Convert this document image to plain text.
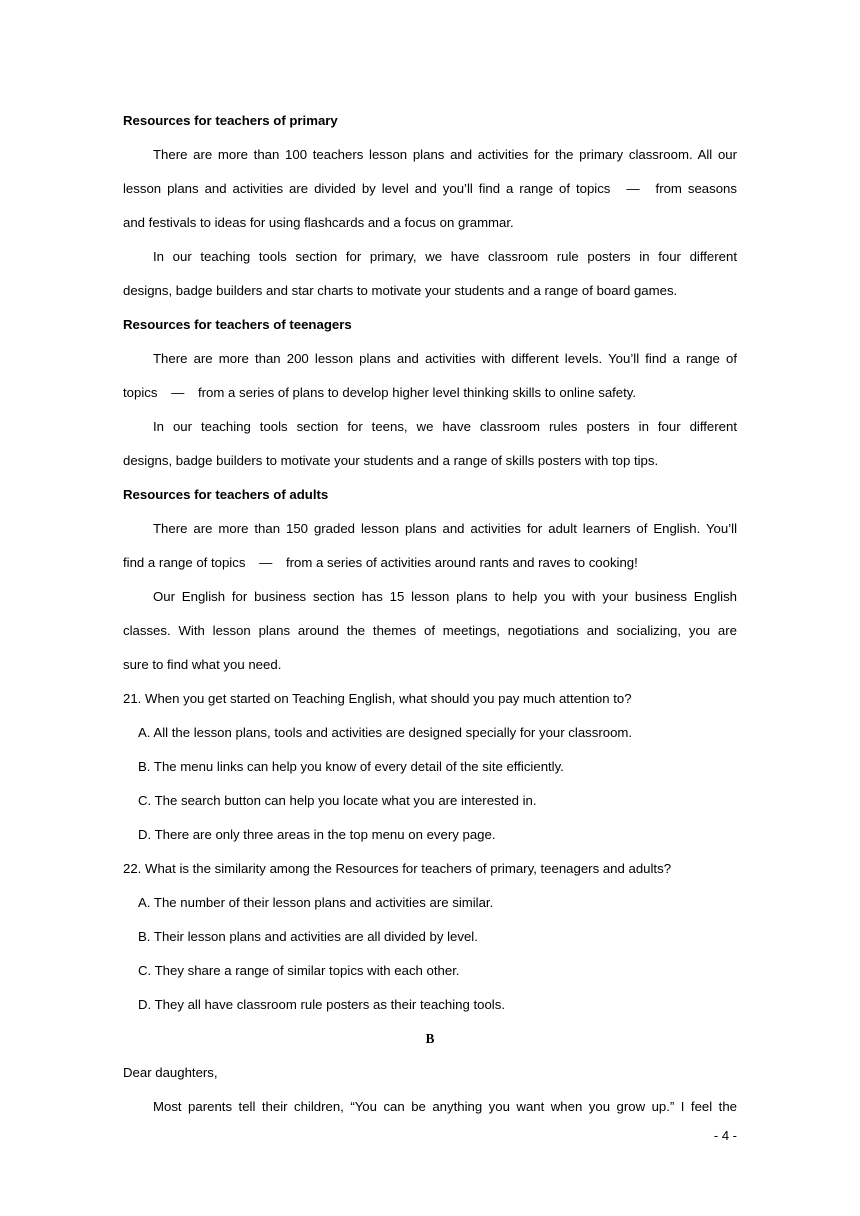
Resources for teachers of primary
There are more than 100 teachers lesson plans and activities for the primary classroom. All our
lesson plans and activities are divided by level and you’ll find a range of topics — from seasons
and festivals to ideas for using flashcards and a focus on grammar.
In our teaching tools section for primary, we have classroom rule posters in four different
designs, badge builders and star charts to motivate your students and a range of board games.
Resources for teachers of teenagers
There are more than 200 lesson plans and activities with different levels. You’ll find a range of
topics — from a series of plans to develop higher level thinking skills to online safety.
In our teaching tools section for teens, we have classroom rules posters in four different
designs, badge builders to motivate your students and a range of skills posters with top tips.
Resources for teachers of adults
There are more than 150 graded lesson plans and activities for adult learners of English. You’ll
find a range of topics — from a series of activities around rants and raves to cooking!
Our English for business section has 15 lesson plans to help you with your business English
classes. With lesson plans around the themes of meetings, negotiations and socializing, you are
sure to find what you need.
21. When you get started on Teaching English, what should you pay much attention to?
A. All the lesson plans, tools and activities are designed specially for your classroom.
B. The menu links can help you know of every detail of the site efficiently.
C. The search button can help you locate what you are interested in.
D. There are only three areas in the top menu on every page.
22. What is the similarity among the Resources for teachers of primary, teenagers and adults?
A. The number of their lesson plans and activities are similar.
B. Their lesson plans and activities are all divided by level.
C. They share a range of similar topics with each other.
D. They all have classroom rule posters as their teaching tools.
B
Dear daughters,
Most parents tell their children, “You can be anything you want when you grow up.” I feel the
- 4 -
